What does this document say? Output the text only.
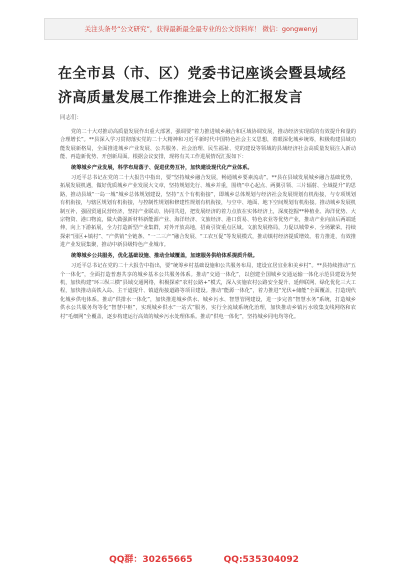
关注头条号“公文研究”，获得最新最全最专业的公文资料库！ 微信：gongwenyj
在全市县（市、区）党委书记座谈会暨县域经济高质量发展工作推进会上的汇报发言
同志们：

党的二十大对推动高质量发展作出重大部署，强调要“着力推进城乡融合和区域协调发展，推动经济实现质的有效提升和量的合理增长”。**县深入学习贯彻落实党的二十大精神和习近平新时代中国特色社会主义思想，着眼深化城乡统筹，积极构建县域功能发展新格局，全面推进城乡产业发展、公共服务、社会治理、民生福祉、党的建设等领域的县域经济社会高质量发展注入新动能、再造新优势、开创新局面。根据会议安排，现将有关工作进展情况汇报如下：

统筹城乡产业发展，科学布局落子、促进优势互补，加快建设现代化产业体系。

习近平总书记在党的二十大报告中指出，要“坚持城乡融合发展，畅通城乡要素流动”。**县在县域发展城乡融合基础优势，拓展发展机遇，做好优质城乡产业发展大文章，坚持规划先行、城乡并重，围绕“中心起点、两翼引领、三片辐射、全域提升”的思路，推动县域“一岛一城”城乡总体规划建设，坚持“五个有机衔接”，即城乡总体规划与经济社会发展规划有机衔接，与专项规划有机衔接，与辖区规划有机衔接，与控制性规划和修建性规划有机衔接，与空中、地面、地下空间规划有机衔接。推动城乡发展机制互补，强固贸通民营经济，坚持产业联动、协同共进，把发展经济的着力点放在实体经济上，深度挖掘**种植业、海洋优势、大宗物资、港口物流，做大做强新材料新能源产业、海洋经济、文旅经济、港口贸易、特色农业等优势产业，推动产业向前后两端延伸，向上下游拓展，全力打造新型产业集群，对外开放高地，招商引资重点区域。文旅发展格局，力促以城带乡、全场繁荣。持续探索“园区+镇村”、“产供销”全链条、“一二三产”融合发展、“工农互促”等发展模式，推动镇村经济提质增效。着力推进，有效推进产业发展集聚，推动中新县级特色产业城市。

统筹城乡公共服务，优化基础设施、推动全域覆盖，加速服务供给体系提质升级。

习近平总书记在党的二十大报告中指出，要“统筹乡村基础设施和公共服务布局，建设宜居宜业和美乡村”。**县持续推动“五个一体化”，全面打造普惠共享的城乡基本公共服务体系。推动“交通一体化”，以创建全国城乡交通运输一体化示范县建设为契机，加快构建“环三纵三横”县域交通网络，积极探索“农村公路+”模式，深入实施农村公路安全提升、延伸联网、绿化优化三大工程，加快推动高铁入岛、主干道提升、镇道衔接道路等项目建设。推动“能源一体化”，着力推进“光伏+储能”全面覆盖，打造现代化城乡供电体系。推动“供排水一体化”，加快推进城乡供水、城乡污水、智慧管网建设，进一步完善“智慧水务”系统，打造城乡供水公共服务均等化“智慧中枢”，实现城乡供水“一站式”服务，实行全流域系统化治理，加快推动乡镇污水收集支线网络和农村“毛细网”全覆盖，逐步构建运行高效的城乡污水处理体系。推动“供电一体化”，坚持城乡同电均等化。

QQ群：30265665	QQ:535304092
